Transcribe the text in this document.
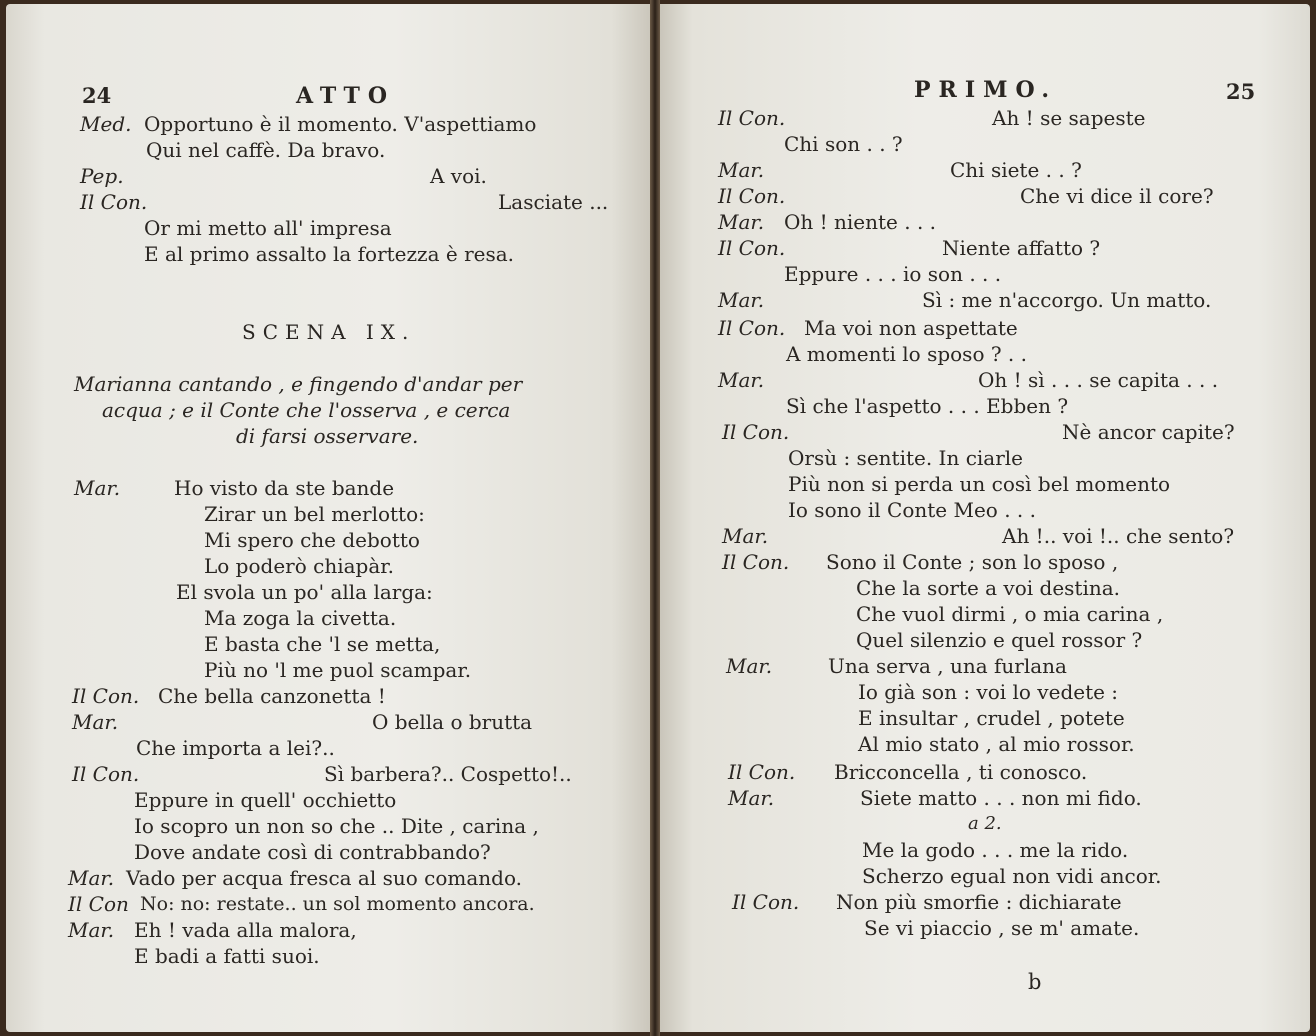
24	ATTO
Med. Opportuno è il momento. V'aspettiamo
Qui nel caffè. Da bravo.
Pep.	A voi.
Il Con.	Lasciate ...
Or mi metto all' impresa
E al primo assalto la fortezza è resa.
SCENA IX.
Marianna cantando , e fingendo d'andar per
acqua ; e il Conte che l'osserva , e cerca
di farsi osservare.
Mar.	Ho visto da ste bande
Zirar un bel merlotto:
Mi spero che debotto
Lo poderò chiapàr.
El svola un po' alla larga:
Ma zoga la civetta.
E basta che 'l se metta,
Più no 'l me puol scampar.
Il Con. Che bella canzonetta !
Mar.	O bella o brutta
Che importa a lei?..
Il Con.	Sì barbera?.. Cospetto!..
Eppure in quell' occhietto
Io scopro un non so che .. Dite , carina ,
Dove andate così di contrabbando?
Mar. Vado per acqua fresca al suo comando.
Il Con No: no: restate.. un sol momento ancora.
Mar. Eh ! vada alla malora,
E badi a fatti suoi.
PRIMO.	25
Il Con.	Ah ! se sapeste
Chi son . . ?
Mar.	Chi siete . . ?
Il Con.	Che vi dice il core?
Mar. Oh ! niente . . .
Il Con.	Niente affatto ?
Eppure . . . io son . . .
Mar.	Sì : me n'accorgo. Un matto.
Il Con. Ma voi non aspettate
A momenti lo sposo ? . .
Mar.	Oh ! sì . . . se capita . . .
Sì che l'aspetto . . . Ebben ?
Il Con.	Nè ancor capite?
Orsù : sentite. In ciarle
Più non si perda un così bel momento
Io sono il Conte Meo . . .
Mar.	Ah !.. voi !.. che sento?
Il Con. Sono il Conte ; son lo sposo ,
Che la sorte a voi destina.
Che vuol dirmi , o mia carina ,
Quel silenzio e quel rossor ?
Mar.	Una serva , una furlana
Io già son : voi lo vedete :
E insultar , crudel , potete
Al mio stato , al mio rossor.
Il Con. Bricconcella , ti conosco.
Mar.	Siete matto . . . non mi fido.
a 2.
Me la godo . . . me la rido.
Scherzo egual non vidi ancor.
Il Con. Non più smorfie : dichiarate
Se vi piaccio , se m' amate.
b
